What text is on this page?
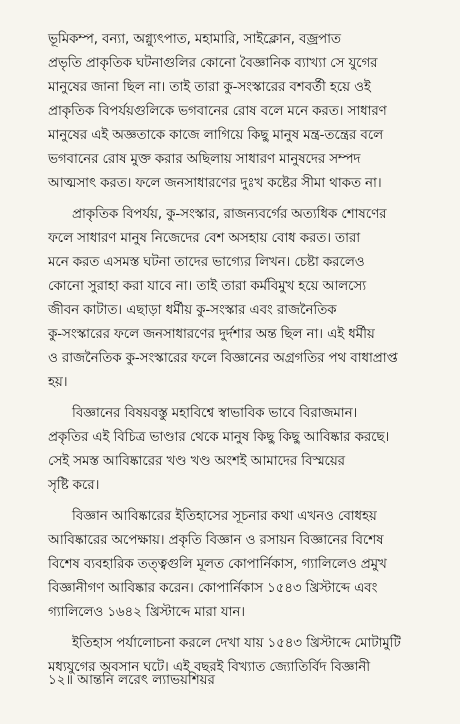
ভূমিকম্প, বন্যা, অগ্ন্যুৎপাত, মহামারি, সাইক্লোন, বজ্রপাত
প্রভৃতি প্রাকৃতিক ঘটনাগুলির কোনো বৈজ্ঞানিক ব্যাখ্যা সে যুগের
মানুষের জানা ছিল না। তাই তারা কু-সংস্কারের বশবর্তী হয়ে ওই
প্রাকৃতিক বিপর্যয়গুলিকে ভগবানের রোষ বলে মনে করত। সাধারণ
মানুষের এই অজ্ঞতাকে কাজে লাগিয়ে কিছু মানুষ মন্ত্র-তন্ত্রের বলে
ভগবানের রোষ মুক্ত করার অছিলায় সাধারণ মানুষদের সম্পদ
আত্মসাৎ করত। ফলে জনসাধারণের দুঃখ কষ্টের সীমা থাকত না।

প্রাকৃতিক বিপর্যয়, কু-সংস্কার, রাজন্যবর্গের অত্যধিক শোষণের
ফলে সাধারণ মানুষ নিজেদের বেশ অসহায় বোধ করত। তারা
মনে করত এসমস্ত ঘটনা তাদের ভাগ্যের লিখন। চেষ্টা করলেও
কোনো সুরাহা করা যাবে না। তাই তারা কর্মবিমুখ হয়ে আলস্যে
জীবন কাটাত। এছাড়া ধর্মীয় কু-সংস্কার এবং রাজনৈতিক
কু-সংস্কারের ফলে জনসাধারণের দুর্দশার অন্ত ছিল না। এই ধর্মীয়
ও রাজনৈতিক কু-সংস্কারের ফলে বিজ্ঞানের অগ্রগতির পথ বাধাপ্রাপ্ত
হয়।

বিজ্ঞানের বিষয়বস্তু মহাবিশ্বে স্বাভাবিক ভাবে বিরাজমান।
প্রকৃতির এই বিচিত্র ভাণ্ডার থেকে মানুষ কিছু কিছু আবিষ্কার করছে।
সেই সমস্ত আবিষ্কারের খণ্ড খণ্ড অংশই আমাদের বিস্ময়ের
সৃষ্টি করে।

বিজ্ঞান আবিষ্কারের ইতিহাসের সূচনার কথা এখনও বোধহয়
আবিষ্কারের অপেক্ষায়। প্রকৃতি বিজ্ঞান ও রসায়ন বিজ্ঞানের বিশেষ
বিশেষ ব্যবহারিক তত্ত্বগুলি মূলত কোপার্নিকাস, গ্যালিলেও প্রমুখ
বিজ্ঞানীগণ আবিষ্কার করেন। কোপার্নিকাস ১৫৪৩ খ্রিস্টাব্দে এবং
গ্যালিলেও ১৬৪২ খ্রিস্টাব্দে মারা যান।

ইতিহাস পর্যালোচনা করলে দেখা যায় ১৫৪৩ খ্রিস্টাব্দে মোটামুটি
মধ্যযুগের অবসান ঘটে। এই বছরই বিখ্যাত জ্যোতির্বিদ বিজ্ঞানী

১২॥ আন্তনি লরেৎ ল্যাভয়শিয়র
